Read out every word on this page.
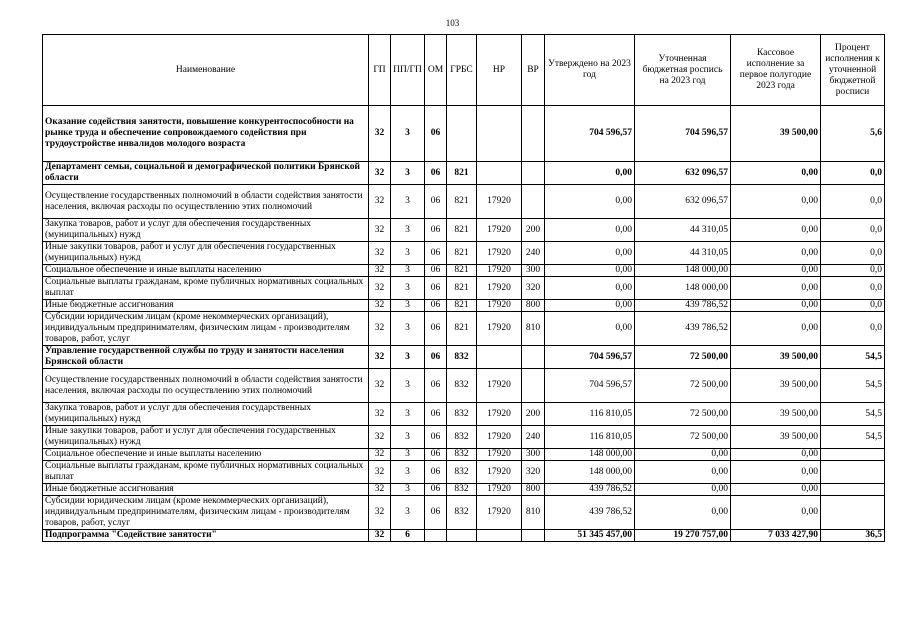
103
Наименование	ГП	ПП/ГП	ОМ	ГРБС	НР	ВР	Утверждено на 2023 год	Уточненная бюджетная роспись на 2023 год	Кассовое исполнение за первое полугодие 2023 года	Процент исполнения к уточненной бюджетной росписи
Оказание содействия занятости, повышение конкурентоспособности на рынке труда и обеспечение сопровождаемого содействия при трудоустройстве инвалидов молодого возраста	32	3	06				704 596,57	704 596,57	39 500,00	5,6
Департамент семьи, социальной и демографической политики Брянской области	32	3	06	821			0,00	632 096,57	0,00	0,0
Осуществление государственных полномочий в области содействия занятости населения, включая расходы по осуществлению этих полномочий	32	3	06	821	17920		0,00	632 096,57	0,00	0,0
Закупка товаров, работ и услуг для обеспечения государственных (муниципальных) нужд	32	3	06	821	17920	200	0,00	44 310,05	0,00	0,0
Иные закупки товаров, работ и услуг для обеспечения государственных (муниципальных) нужд	32	3	06	821	17920	240	0,00	44 310,05	0,00	0,0
Социальное обеспечение и иные выплаты населению	32	3	06	821	17920	300	0,00	148 000,00	0,00	0,0
Социальные выплаты гражданам, кроме публичных нормативных социальных выплат	32	3	06	821	17920	320	0,00	148 000,00	0,00	0,0
Иные бюджетные ассигнования	32	3	06	821	17920	800	0,00	439 786,52	0,00	0,0
Субсидии юридическим лицам (кроме некоммерческих организаций), индивидуальным предпринимателям, физическим лицам - производителям товаров, работ, услуг	32	3	06	821	17920	810	0,00	439 786,52	0,00	0,0
Управление государственной службы по труду и занятости населения Брянской области	32	3	06	832			704 596,57	72 500,00	39 500,00	54,5
Осуществление государственных полномочий в области содействия занятости населения, включая расходы по осуществлению этих полномочий	32	3	06	832	17920		704 596,57	72 500,00	39 500,00	54,5
Закупка товаров, работ и услуг для обеспечения государственных (муниципальных) нужд	32	3	06	832	17920	200	116 810,05	72 500,00	39 500,00	54,5
Иные закупки товаров, работ и услуг для обеспечения государственных (муниципальных) нужд	32	3	06	832	17920	240	116 810,05	72 500,00	39 500,00	54,5
Социальное обеспечение и иные выплаты населению	32	3	06	832	17920	300	148 000,00	0,00	0,00	
Социальные выплаты гражданам, кроме публичных нормативных социальных выплат	32	3	06	832	17920	320	148 000,00	0,00	0,00	
Иные бюджетные ассигнования	32	3	06	832	17920	800	439 786,52	0,00	0,00	
Субсидии юридическим лицам (кроме некоммерческих организаций), индивидуальным предпринимателям, физическим лицам - производителям товаров, работ, услуг	32	3	06	832	17920	810	439 786,52	0,00	0,00	
Подпрограмма "Содействие занятости"	32	6					51 345 457,00	19 270 757,00	7 033 427,90	36,5
